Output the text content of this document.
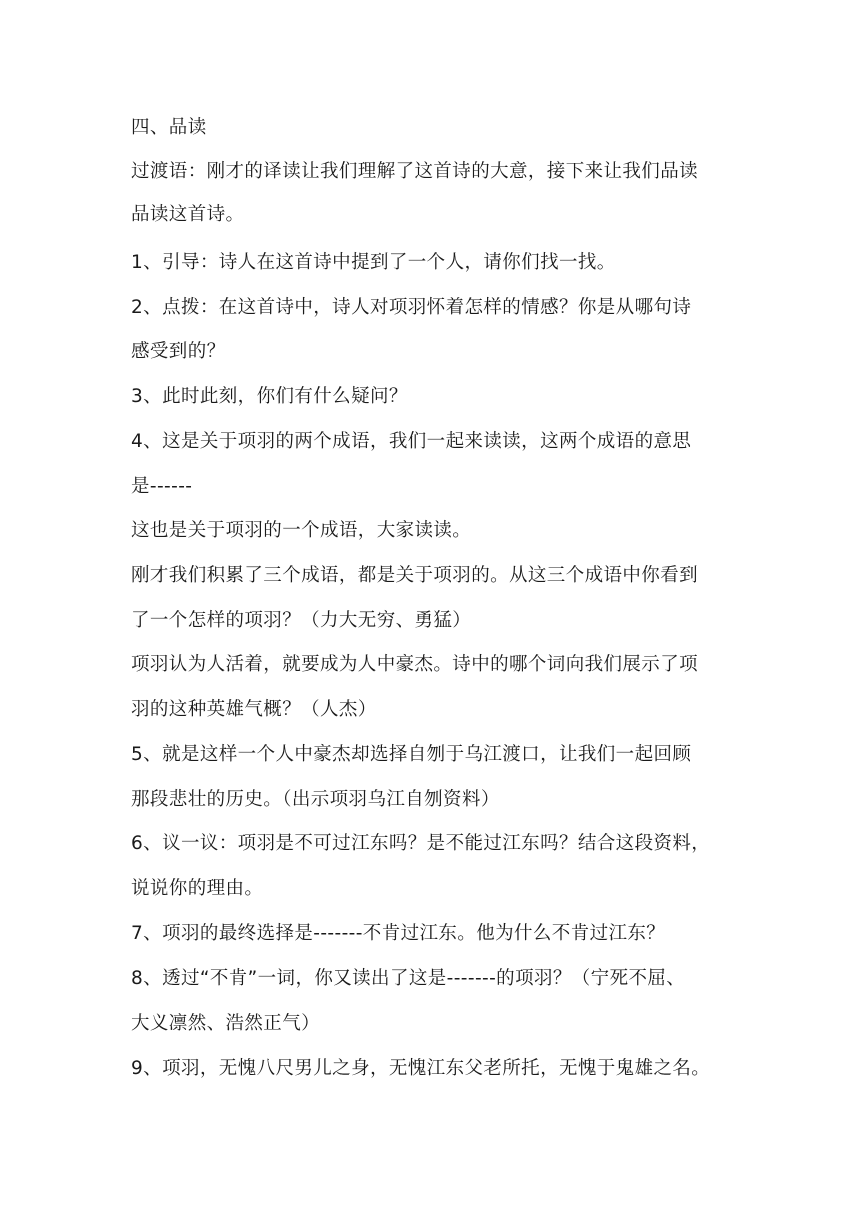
四、品读
过渡语：刚才的译读让我们理解了这首诗的大意，接下来让我们品读
品读这首诗。
1、引导：诗人在这首诗中提到了一个人，请你们找一找。
2、点拨：在这首诗中，诗人对项羽怀着怎样的情感？你是从哪句诗
感受到的？
3、此时此刻，你们有什么疑问？
4、这是关于项羽的两个成语，我们一起来读读，这两个成语的意思
是------
这也是关于项羽的一个成语，大家读读。
刚才我们积累了三个成语，都是关于项羽的。从这三个成语中你看到
了一个怎样的项羽？（力大无穷、勇猛）
项羽认为人活着，就要成为人中豪杰。诗中的哪个词向我们展示了项
羽的这种英雄气概？（人杰）
5、就是这样一个人中豪杰却选择自刎于乌江渡口，让我们一起回顾
那段悲壮的历史。（出示项羽乌江自刎资料）
6、议一议：项羽是不可过江东吗？是不能过江东吗？结合这段资料，
说说你的理由。
7、项羽的最终选择是-------不肯过江东。他为什么不肯过江东？
8、透过“不肯”一词，你又读出了这是-------的项羽？（宁死不屈、
大义凛然、浩然正气）
9、项羽，无愧八尺男儿之身，无愧江东父老所托，无愧于鬼雄之名。
